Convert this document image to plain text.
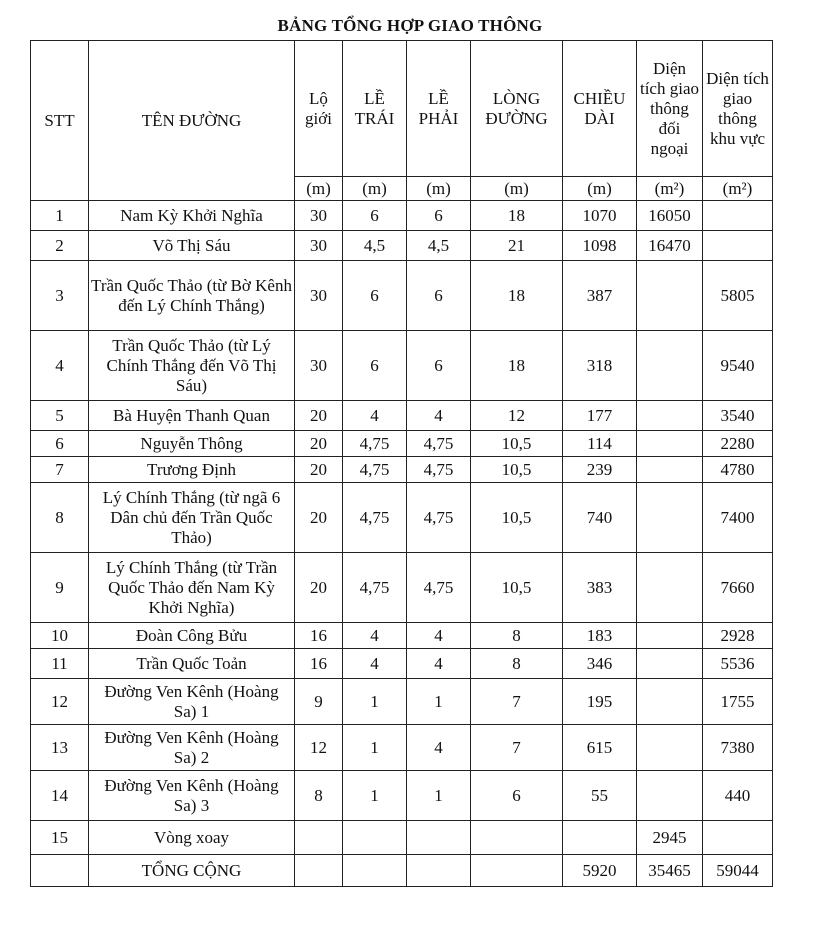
BẢNG TỔNG HỢP GIAO THÔNG
STT	TÊN ĐƯỜNG	Lộ giới	LỀ TRÁI	LỀ PHẢI	LÒNG ĐƯỜNG	CHIỀU DÀI	Diện tích giao thông đối ngoại	Diện tích giao thông khu vực
		(m)	(m)	(m)	(m)	(m)	(m²)	(m²)
1	Nam Kỳ Khởi Nghĩa	30	6	6	18	1070	16050	
2	Võ Thị Sáu	30	4,5	4,5	21	1098	16470	
3	Trần Quốc Thảo (từ Bờ Kênh đến Lý Chính Thắng)	30	6	6	18	387		5805
4	Trần Quốc Thảo (từ Lý Chính Thắng đến Võ Thị Sáu)	30	6	6	18	318		9540
5	Bà Huyện Thanh Quan	20	4	4	12	177		3540
6	Nguyễn Thông	20	4,75	4,75	10,5	114		2280
7	Trương Định	20	4,75	4,75	10,5	239		4780
8	Lý Chính Thắng (từ ngã 6 Dân chủ đến Trần Quốc Thảo)	20	4,75	4,75	10,5	740		7400
9	Lý Chính Thắng (từ Trần Quốc Thảo đến Nam Kỳ Khởi Nghĩa)	20	4,75	4,75	10,5	383		7660
10	Đoàn Công Bửu	16	4	4	8	183		2928
11	Trần Quốc Toản	16	4	4	8	346		5536
12	Đường Ven Kênh (Hoàng Sa) 1	9	1	1	7	195		1755
13	Đường Ven Kênh (Hoàng Sa) 2	12	1	4	7	615		7380
14	Đường Ven Kênh (Hoàng Sa) 3	8	1	1	6	55		440
15	Vòng xoay						2945	
	TỔNG CỘNG					5920	35465	59044
